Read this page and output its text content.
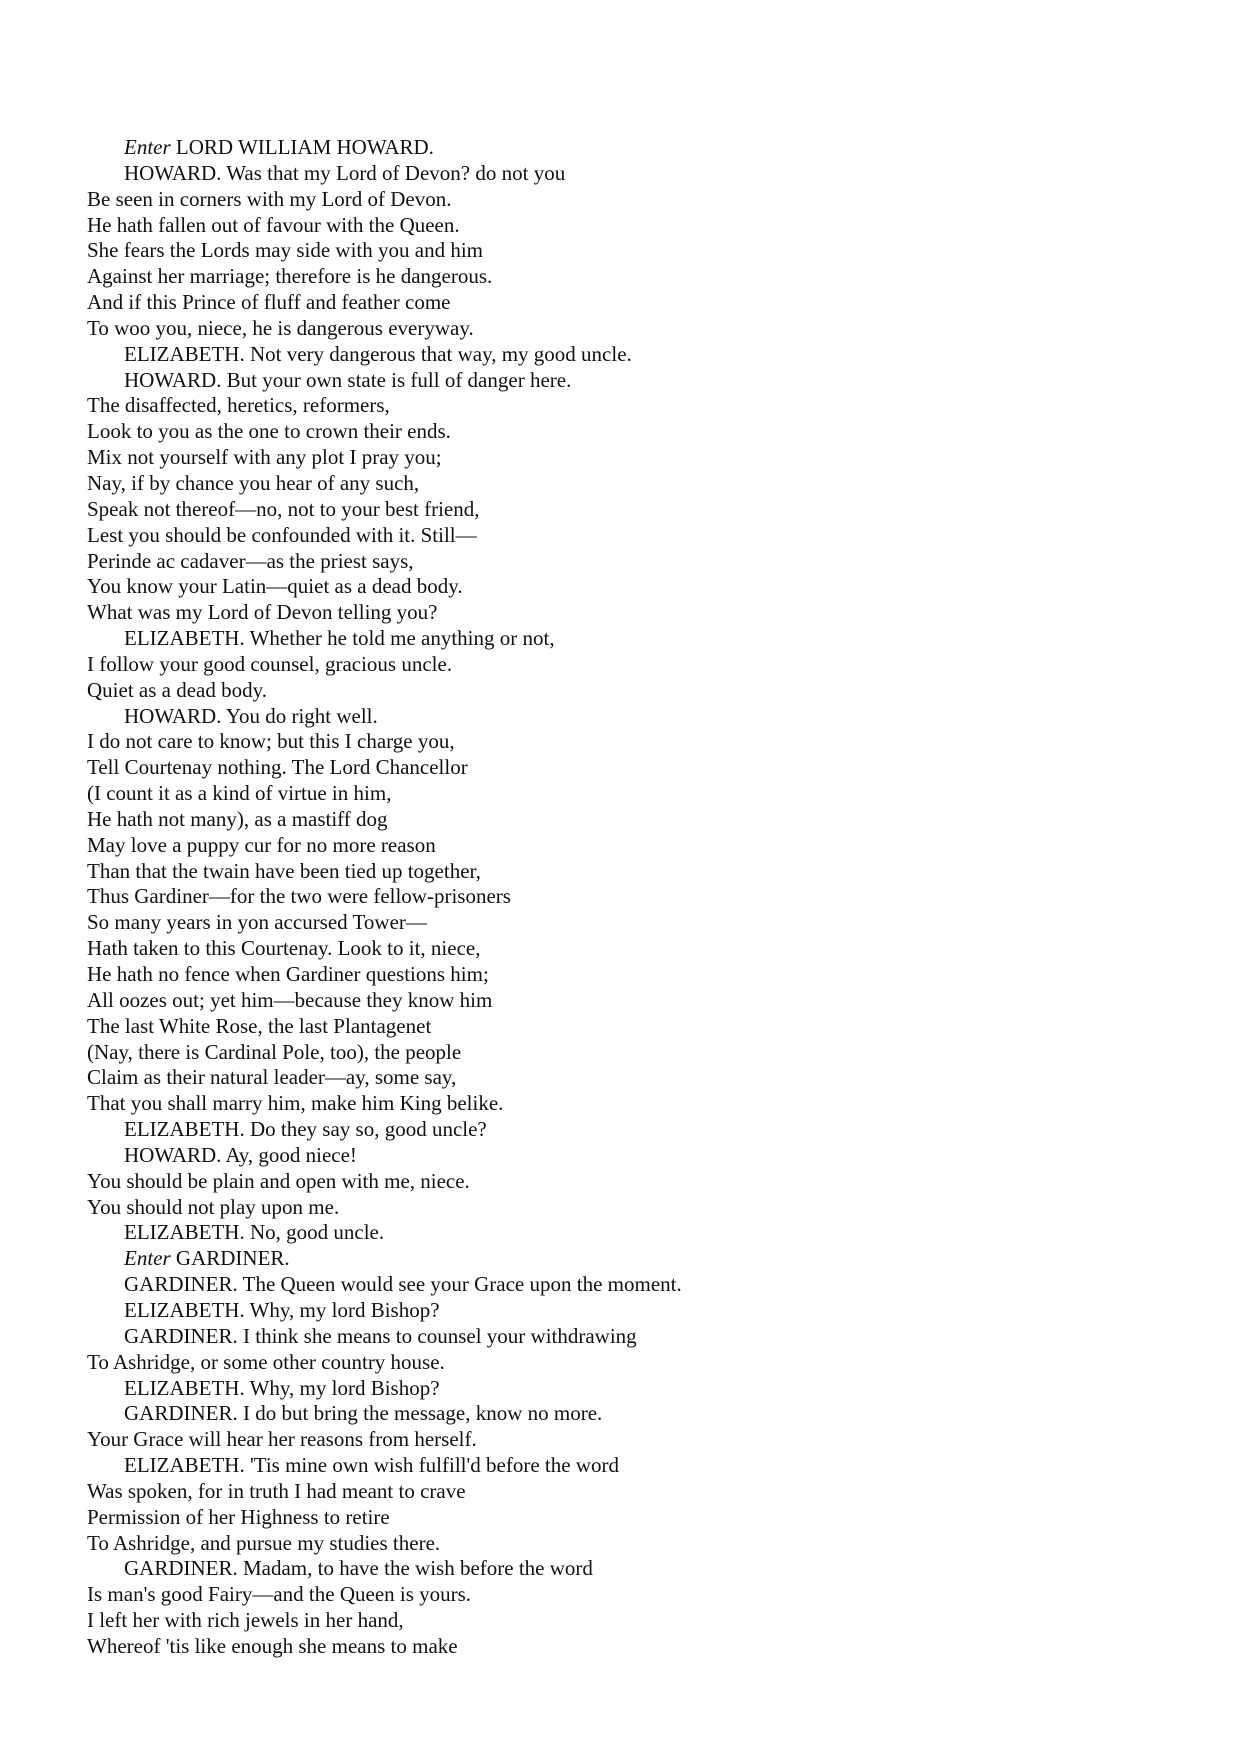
Enter LORD WILLIAM HOWARD.
HOWARD. Was that my Lord of Devon? do not you
Be seen in corners with my Lord of Devon.
He hath fallen out of favour with the Queen.
She fears the Lords may side with you and him
Against her marriage; therefore is he dangerous.
And if this Prince of fluff and feather come
To woo you, niece, he is dangerous everyway.
ELIZABETH. Not very dangerous that way, my good uncle.
HOWARD. But your own state is full of danger here.
The disaffected, heretics, reformers,
Look to you as the one to crown their ends.
Mix not yourself with any plot I pray you;
Nay, if by chance you hear of any such,
Speak not thereof—no, not to your best friend,
Lest you should be confounded with it. Still—
Perinde ac cadaver—as the priest says,
You know your Latin—quiet as a dead body.
What was my Lord of Devon telling you?
ELIZABETH. Whether he told me anything or not,
I follow your good counsel, gracious uncle.
Quiet as a dead body.
HOWARD. You do right well.
I do not care to know; but this I charge you,
Tell Courtenay nothing. The Lord Chancellor
(I count it as a kind of virtue in him,
He hath not many), as a mastiff dog
May love a puppy cur for no more reason
Than that the twain have been tied up together,
Thus Gardiner—for the two were fellow-prisoners
So many years in yon accursed Tower—
Hath taken to this Courtenay. Look to it, niece,
He hath no fence when Gardiner questions him;
All oozes out; yet him—because they know him
The last White Rose, the last Plantagenet
(Nay, there is Cardinal Pole, too), the people
Claim as their natural leader—ay, some say,
That you shall marry him, make him King belike.
ELIZABETH. Do they say so, good uncle?
HOWARD. Ay, good niece!
You should be plain and open with me, niece.
You should not play upon me.
ELIZABETH. No, good uncle.
Enter GARDINER.
GARDINER. The Queen would see your Grace upon the moment.
ELIZABETH. Why, my lord Bishop?
GARDINER. I think she means to counsel your withdrawing
To Ashridge, or some other country house.
ELIZABETH. Why, my lord Bishop?
GARDINER. I do but bring the message, know no more.
Your Grace will hear her reasons from herself.
ELIZABETH. 'Tis mine own wish fulfill'd before the word
Was spoken, for in truth I had meant to crave
Permission of her Highness to retire
To Ashridge, and pursue my studies there.
GARDINER. Madam, to have the wish before the word
Is man's good Fairy—and the Queen is yours.
I left her with rich jewels in her hand,
Whereof 'tis like enough she means to make
